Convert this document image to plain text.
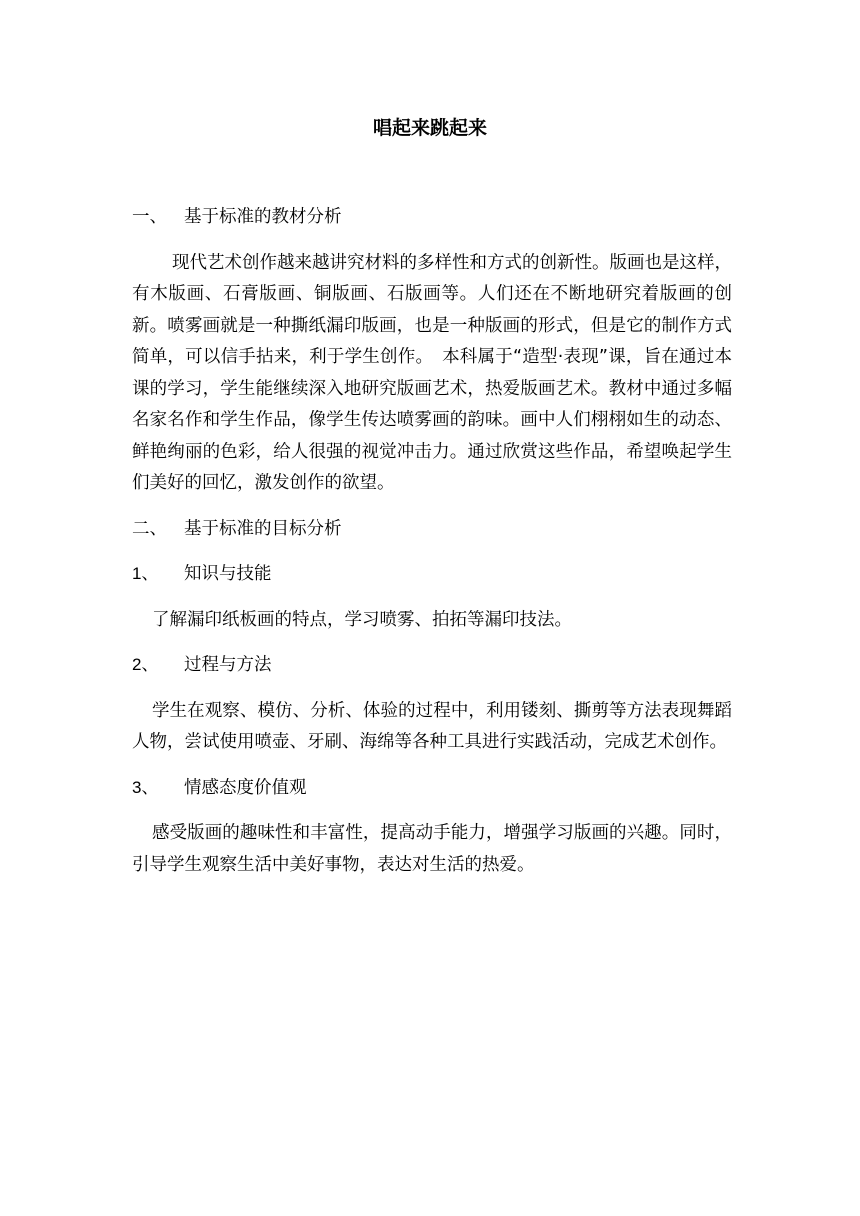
唱起来跳起来
一、 基于标准的教材分析
现代艺术创作越来越讲究材料的多样性和方式的创新性。版画也是这样，有木版画、石膏版画、铜版画、石版画等。人们还在不断地研究着版画的创新。喷雾画就是一种撕纸漏印版画，也是一种版画的形式，但是它的制作方式简单，可以信手拈来，利于学生创作。　本科属于“造型·表现”课，旨在通过本课的学习，学生能继续深入地研究版画艺术，热爱版画艺术。教材中通过多幅名家名作和学生作品，像学生传达喷雾画的韵味。画中人们栩栩如生的动态、鲜艳绚丽的色彩，给人很强的视觉冲击力。通过欣赏这些作品，希望唤起学生们美好的回忆，激发创作的欲望。
二、 基于标准的目标分析
1、 知识与技能
了解漏印纸板画的特点，学习喷雾、拍拓等漏印技法。
2、 过程与方法
学生在观察、模仿、分析、体验的过程中，利用镂刻、撕剪等方法表现舞蹈人物，尝试使用喷壶、牙刷、海绵等各种工具进行实践活动，完成艺术创作。
3、 情感态度价值观
感受版画的趣味性和丰富性，提高动手能力，增强学习版画的兴趣。同时，引导学生观察生活中美好事物，表达对生活的热爱。
